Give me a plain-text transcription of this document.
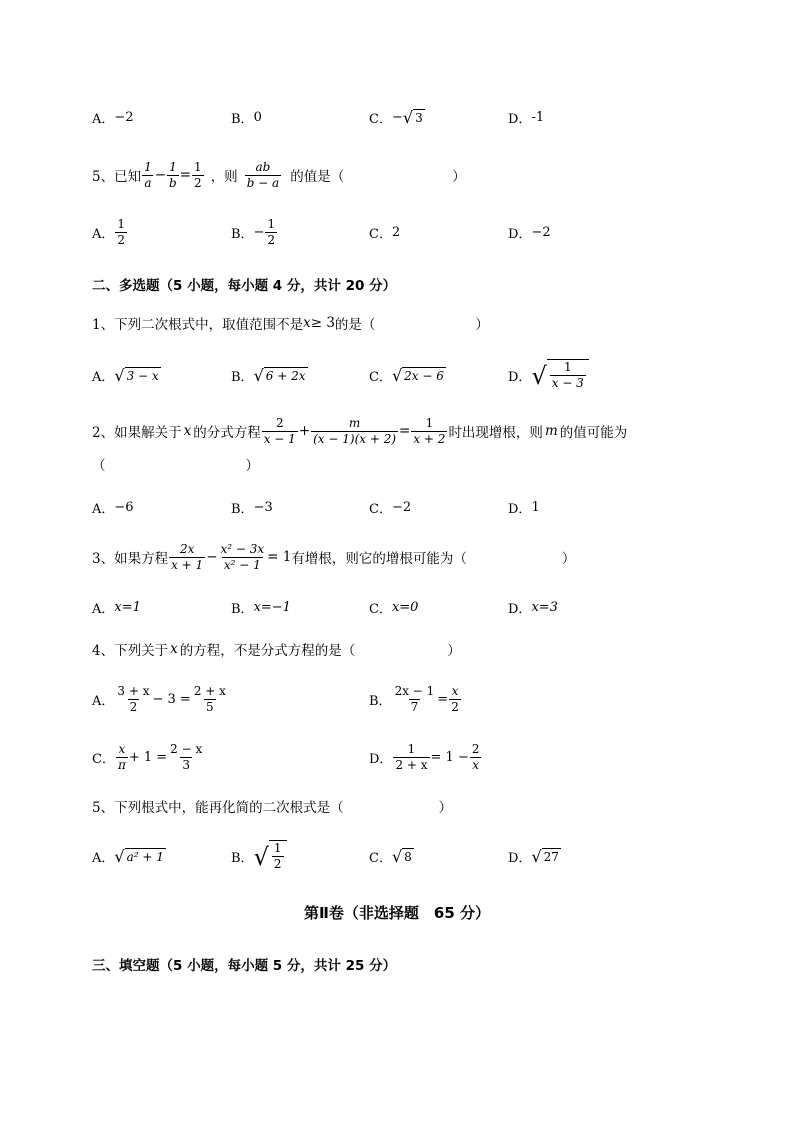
A． −2	B． 0	C． − √ 3	D． -1
5、已知 $\frac{1}{a} - \frac{1}{b} = \frac{1}{2}$ ，则 $\frac{ab}{b - a}$ 的值是（	）
A． $\frac{1}{2}$	B． − $\frac{1}{2}$	C． 2	D． −2
二、多选题（5 小题，每小题 4 分，共计 20 分）
1、下列二次根式中，取值范围不是 x ≥ 3 的是（	）
A． √ 3 − x	B． √ 6 + 2x	C． √ 2x − 6	D． √ $\frac{1}{x - 3}$
2、如果解关于 x 的分式方程 $\frac{2}{x - 1} + \frac{m}{(x - 1)(x + 2)} = \frac{1}{x + 2}$ 时出现增根，则 m 的值可能为
（	）
A． −6	B． −3	C． −2	D． 1
3、如果方程 $\frac{2x}{x + 1} - \frac{\text{x² − 3x}}{\text{x² − 1}} = 1$ 有增根，则它的增根可能为（	）
A． x=1	B． x=−1	C． x=0	D． x=3
4、下列关于 x 的方程，不是分式方程的是（	）
A． $\frac{3 + x}{2} - 3 = \frac{2 + x}{5}$	B． $\frac{2x - 1}{7} = \frac{x}{2}$
C． $\frac{x}{\pi} + 1 = \frac{2 - x}{3}$	D． $\frac{1}{2 + x} = 1 - \frac{2}{x}$
5、下列根式中，能再化简的二次根式是（	）
A． √ a² + 1	B． √ $\frac{1}{2}$	C． √ 8	D． √ 27
第Ⅱ卷（非选择题　65 分）
三、填空题（5 小题，每小题 5 分，共计 25 分）
